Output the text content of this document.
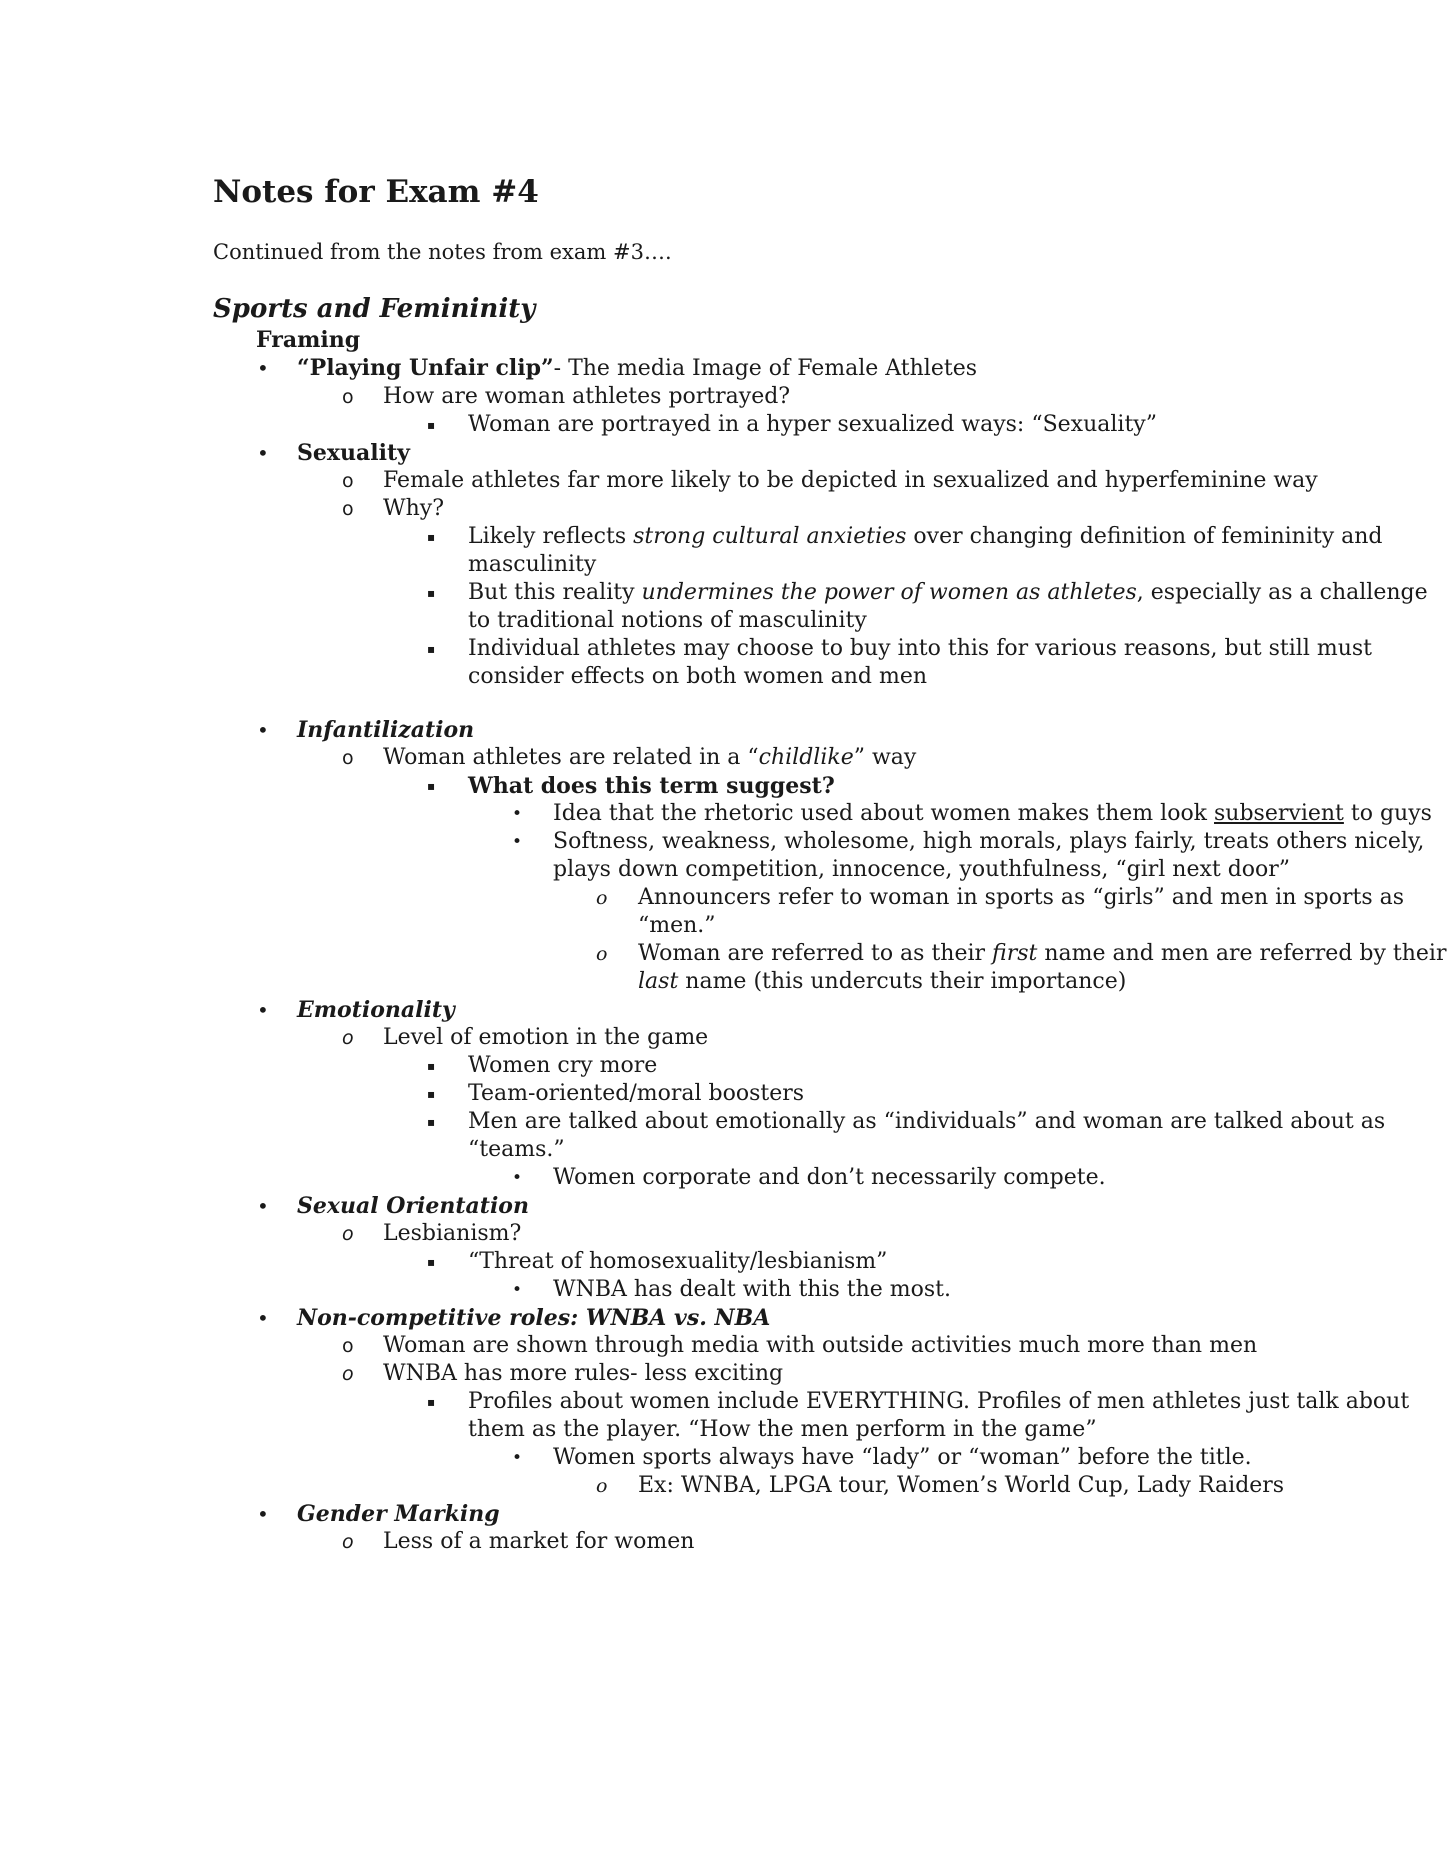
Notes for Exam #4

Continued from the notes from exam #3….

Sports and Femininity
Framing
• “Playing Unfair clip”- The media Image of Female Athletes
o How are woman athletes portrayed?
▪ Woman are portrayed in a hyper sexualized ways: “Sexuality”
• Sexuality
o Female athletes far more likely to be depicted in sexualized and hyperfeminine way
o Why?
▪ Likely reflects strong cultural anxieties over changing definition of femininity and masculinity
▪ But this reality undermines the power of women as athletes, especially as a challenge to traditional notions of masculinity
▪ Individual athletes may choose to buy into this for various reasons, but still must consider effects on both women and men
• Infantilization
o Woman athletes are related in a “childlike” way
▪ What does this term suggest?
• Idea that the rhetoric used about women makes them look subservient to guys
• Softness, weakness, wholesome, high morals, plays fairly, treats others nicely, plays down competition, innocence, youthfulness, “girl next door”
o Announcers refer to woman in sports as “girls” and men in sports as “men.”
o Woman are referred to as their first name and men are referred by their last name (this undercuts their importance)
• Emotionality
o Level of emotion in the game
▪ Women cry more
▪ Team-oriented/moral boosters
▪ Men are talked about emotionally as “individuals” and woman are talked about as “teams.”
• Women corporate and don’t necessarily compete.
• Sexual Orientation
o Lesbianism?
▪ “Threat of homosexuality/lesbianism”
• WNBA has dealt with this the most.
• Non-competitive roles: WNBA vs. NBA
o Woman are shown through media with outside activities much more than men
o WNBA has more rules- less exciting
▪ Profiles about women include EVERYTHING. Profiles of men athletes just talk about them as the player. “How the men perform in the game”
• Women sports always have “lady” or “woman” before the title.
o Ex: WNBA, LPGA tour, Women’s World Cup, Lady Raiders
• Gender Marking
o Less of a market for women
